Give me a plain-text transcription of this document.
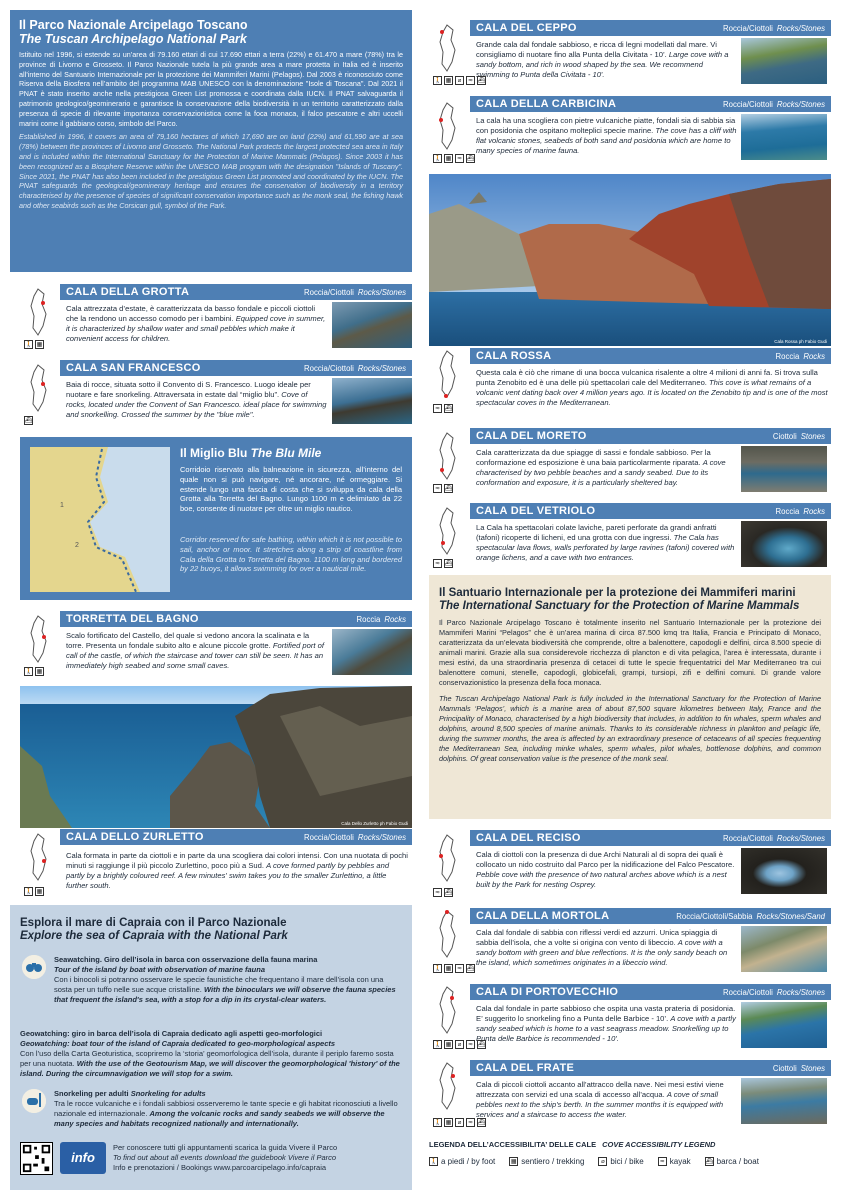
Il Parco Nazionale Arcipelago Toscano
The Tuscan Archipelago National Park

Istituito nel 1996, si estende su un’area di 79.160 ettari di cui 17.690 ettari a terra (22%) e 61.470 a mare (78%) tra le province di Livorno e Grosseto. Il Parco Nazionale tutela la più grande area a mare protetta in Italia ed è inserito all’interno del Santuario Internazionale per la protezione dei Mammiferi Marini (Pelagos). Dal 2003 è riconosciuto come Riserva della Biosfera nell’ambito del programma MAB UNESCO con la denominazione "Isole di Toscana". Dal 2021 il PNAT è stato inserito anche nella prestigiosa Green List promossa e coordinata dalla IUCN. Il PNAT salvaguarda il patrimonio geologico/geominerario e garantisce la conservazione della biodiversità in un territorio caratterizzato dalla presenza di specie di rilevante importanza conservazionistica come la foca monaca, il falco pescatore e altri uccelli marini come il gabbiano corso, simbolo del Parco.

Established in 1996, it covers an area of 79,160 hectares of which 17,690 are on land (22%) and 61,590 are at sea (78%) between the provinces of Livorno and Grosseto. The National Park protects the largest protected sea area in Italy and is included within the International Sanctuary for the Protection of Marine Mammals (Pelagos). Since 2003 it has been recognized as a Biosphere Reserve within the UNESCO MAB program with the designation "Islands of Tuscany". Since 2021, the PNAT has also been included in the prestigious Green List promoted and coordinated by the IUCN. The PNAT safeguards the geological/geominerary heritage and ensures the conservation of biodiversity in a territory characterised by the presence of species of significant conservation importance such as the monk seal, the fishing hawk and other seabirds such as the Corsican gull, symbol of the Park.

CALA DELLA GROTTA	Roccia/Ciottoli Rocks/Stones
Cala attrezzata d’estate, è caratterizzata da basso fondale e piccoli ciottoli che la rendono un accesso comodo per i bambini. Equipped cove in summer, it is characterized by shallow water and small pebbles which make it convenient access for children.
🚶 ▦
CALA SAN FRANCESCO	Roccia/Ciottoli Rocks/Stones
Baia di rocce, situata sotto il Convento di S. Francesco. Luogo ideale per nuotare e fare snorkeling. Attraversata in estate dal “miglio blu”. Cove of rocks, located under the Convent of San Francesco. ideal place for swimming and snorkelling. Crossed the summer by the "blue mile".
⛴
1
2
Il Miglio Blu The Blu Mile

Corridoio riservato alla balneazione in sicurezza, all’interno del quale non si può navigare, né ancorare, né ormeggiare. Si estende lungo una fascia di costa che si sviluppa da cala della Grotta alla Torretta del Bagno. Lungo 1100 m e delimitato da 22 boe, consente di nuotare per oltre un miglio nautico.

Corridor reserved for safe bathing, within which it is not possible to sail, anchor or moor. It stretches along a strip of coastline from Cala della Grotta to Torretta del Bagno. 1100 m long and bordered by 22 buoys, it allows swimming for over a nautical mile.

TORRETTA DEL BAGNO	Roccia Rocks
Scalo fortificato del Castello, del quale si vedono ancora la scalinata e la torre. Presenta un fondale subito alto e alcune piccole grotte. Fortified port of call of the castle, of which the staircase and tower can still be seen. It has an immediately high seabed and some small caves.
🚶 ▦
Cala Dello Zurletto ph Fabio Gudi
CALA DELLO ZURLETTO	Roccia/Ciottoli Rocks/Stones
Cala formata in parte da ciottoli e in parte da una scogliera dai colori intensi. Con una nuotata di pochi minuti si raggiunge il più piccolo Zurlettino, poco più a Sud. A cove formed partly by pebbles and partly by a brightly coloured reef. A few minutes' swim takes you to the smaller Zurlettino, a little further south.
🚶 ▦
Esplora il mare di Capraia con il Parco Nazionale
Explore the sea of Capraia with the National Park
Seawatching. Giro dell’isola in barca con osservazione della fauna marina
Tour of the island by boat with observation of marine fauna
Con i binocoli si potranno osservare le specie faunistiche che frequentano il mare dell’isola con una sosta per un tuffo nelle sue acque cristalline. With the binoculars we will observe the fauna species that frequent the island's sea, with a stop for a dip in its crystal-clear waters.
Geowatching: giro in barca dell’isola di Capraia dedicato agli aspetti geo-morfologici
Geowatching: boat tour of the island of Capraia dedicated to geo-morphological aspects
Con l’uso della Carta Geoturistica, scopriremo la ‘storia’ geomorfologica dell’isola, durante il periplo faremo sosta per una nuotata. With the use of the Geotourism Map, we will discover the geomorphological 'history' of the island. During the circumnavigation we will stop for a swim.
Snorkeling per adulti Snorkeling for adults
Tra le rocce vulcaniche e i fondali sabbiosi osserveremo le tante specie e gli habitat riconosciuti a livello nazionale ed internazionale. Among the volcanic rocks and sandy seabeds we will observe the many species and habitats recognized nationally and internationally.
info
Per conoscere tutti gli appuntamenti scarica la guida Vivere il Parco
To find out about all events download the guidebook Vivere il Parco
Info e prenotazioni / Bookings www.parcoarcipelago.info/capraia
CALA DEL CEPPO	Roccia/Ciottoli Rocks/Stones
Grande cala dal fondale sabbioso, e ricca di legni modellati dal mare. Vi consigliamo di nuotare fino alla Punta della Civitata - 10’. Large cove with a sandy bottom, and rich in wood shaped by the sea. We recommend swimming to Punta della Civitata - 10'.
🚶 ▦	⌀	≈ ⛴
CALA DELLA CARBICINA	Roccia/Ciottoli Rocks/Stones
La cala ha una scogliera con pietre vulcaniche piatte, fondali sia di sabbia sia con posidonia che ospitano molteplici specie marine. The cove has a cliff with flat volcanic stones, seabeds of both sand and posidonia which are home to many species of marine fauna.
🚶 ▦ ≈ ⛴
Cala Rossa ph Fabio Gudi
CALA ROSSA	Roccia Rocks
Questa cala è ciò che rimane di una bocca vulcanica risalente a oltre 4 milioni di anni fa. Si trova sulla punta Zenobito ed è una delle più spettacolari cale del Mediterraneo. This cove is what remains of a volcanic vent dating back over 4 million years ago. It is located on the Zenobito tip and is one of the most spectacular coves in the Mediterranean.
≈ ⛴
CALA DEL MORETO	Ciottoli Stones
Cala caratterizzata da due spiagge di sassi e fondale sabbioso. Per la conformazione ed esposizione è una baia particolarmente riparata. A cove characterised by two pebble beaches and a sandy seabed. Due to its conformation and exposure, it is a particularly sheltered bay.
≈ ⛴
CALA DEL VETRIOLO	Roccia Rocks
La Cala ha spettacolari colate laviche, pareti perforate da grandi anfratti (tafoni) ricoperte di licheni, ed una grotta con due ingressi. The Cala has spectacular lava flows, walls perforated by large ravines (tafoni) covered with orange lichens, and a cave with two entrances.
≈ ⛴
Il Santuario Internazionale per la protezione dei Mammiferi marini
The International Sanctuary for the Protection of Marine Mammals

Il Parco Nazionale Arcipelago Toscano è totalmente inserito nel Santuario Internazionale per la protezione dei Mammiferi Marini “Pelagos” che è un’area marina di circa 87.500 kmq tra Italia, Francia e Principato di Monaco, caratterizzata da un’elevata biodiversità che comprende, oltre a balenottere, capodogli e delfini, circa 8.500 specie di animali marini. Grazie alla sua considerevole ricchezza di plancton e di vita pelagica, l’area è interessata, durante i mesi estivi, da una straordinaria presenza di cetacei di tutte le specie frequentatrici del Mar Mediterraneo tra cui balenottere comuni, stenelle, capodogli, globicefali, grampi, tursiopi, zifi e delfini comuni. Di grande valore conservazionistico la presenza della foca monaca.

The Tuscan Archipelago National Park is fully included in the International Sanctuary for the Protection of Marine Mammals ‘Pelagos’, which is a marine area of about 87,500 square kilometres between Italy, France and the Principality of Monaco, characterised by a high biodiversity that includes, in addition to fin whales, sperm whales and dolphins, around 8,500 species of marine animals. Thanks to its considerable richness in plankton and pelagic life, during the summer months, the area is affected by an extraordinary presence of cetaceans of all species frequenting the Mediterranean Sea, including minke whales, sperm whales, pilot whales, bottlenose dolphins, and common dolphins. Of great conservation value is the presence of the monk seal.

CALA DEL RECISO	Roccia/Ciottoli Rocks/Stones
Cala di ciottoli con la presenza di due Archi Naturali al di sopra dei quali è collocato un nido costruito dal Parco per la nidificazione del Falco Pescatore. Pebble cove with the presence of two natural arches above which is a nest built by the Park for nesting Osprey.
≈ ⛴
CALA DELLA MORTOLA	Roccia/Ciottoli/Sabbia Rocks/Stones/Sand
Cala dal fondale di sabbia con riflessi verdi ed azzurri. Unica spiaggia di sabbia dell’isola, che a volte si origina con vento di libeccio. A cove with a sandy bottom with green and blue reflections. It is the only sandy beach on the island, which sometimes originates in a libeccio wind.
🚶 ▦ ≈ ⛴
CALA DI PORTOVECCHIO	Roccia/Ciottoli Rocks/Stones
Cala dal fondale in parte sabbioso che ospita una vasta prateria di posidonia. E’ suggerito lo snorkeling fino a Punta delle Barbice - 10’. A cove with a partly sandy seabed which is home to a vast seagrass meadow. Snorkelling up to Punta delle Barbice is recommended - 10'.
🚶 ▦	⌀	≈ ⛴
CALA DEL FRATE	Ciottoli Stones
Cala di piccoli ciottoli accanto all’attracco della nave. Nei mesi estivi viene attrezzata con servizi ed una scala di accesso all’acqua. A cove of small pebbles next to the ship's berth. In the summer months it is equipped with services and a staircase to access the water.
🚶 ▦	⌀	≈ ⛴
LEGENDA DELL’ACCESSIBILITA’ DELLE CALE COVE ACCESSIBILITY LEGEND
🚶 a piedi / by foot	▦ sentiero / trekking	⌀ bici / bike	≈ kayak	⛴ barca / boat
